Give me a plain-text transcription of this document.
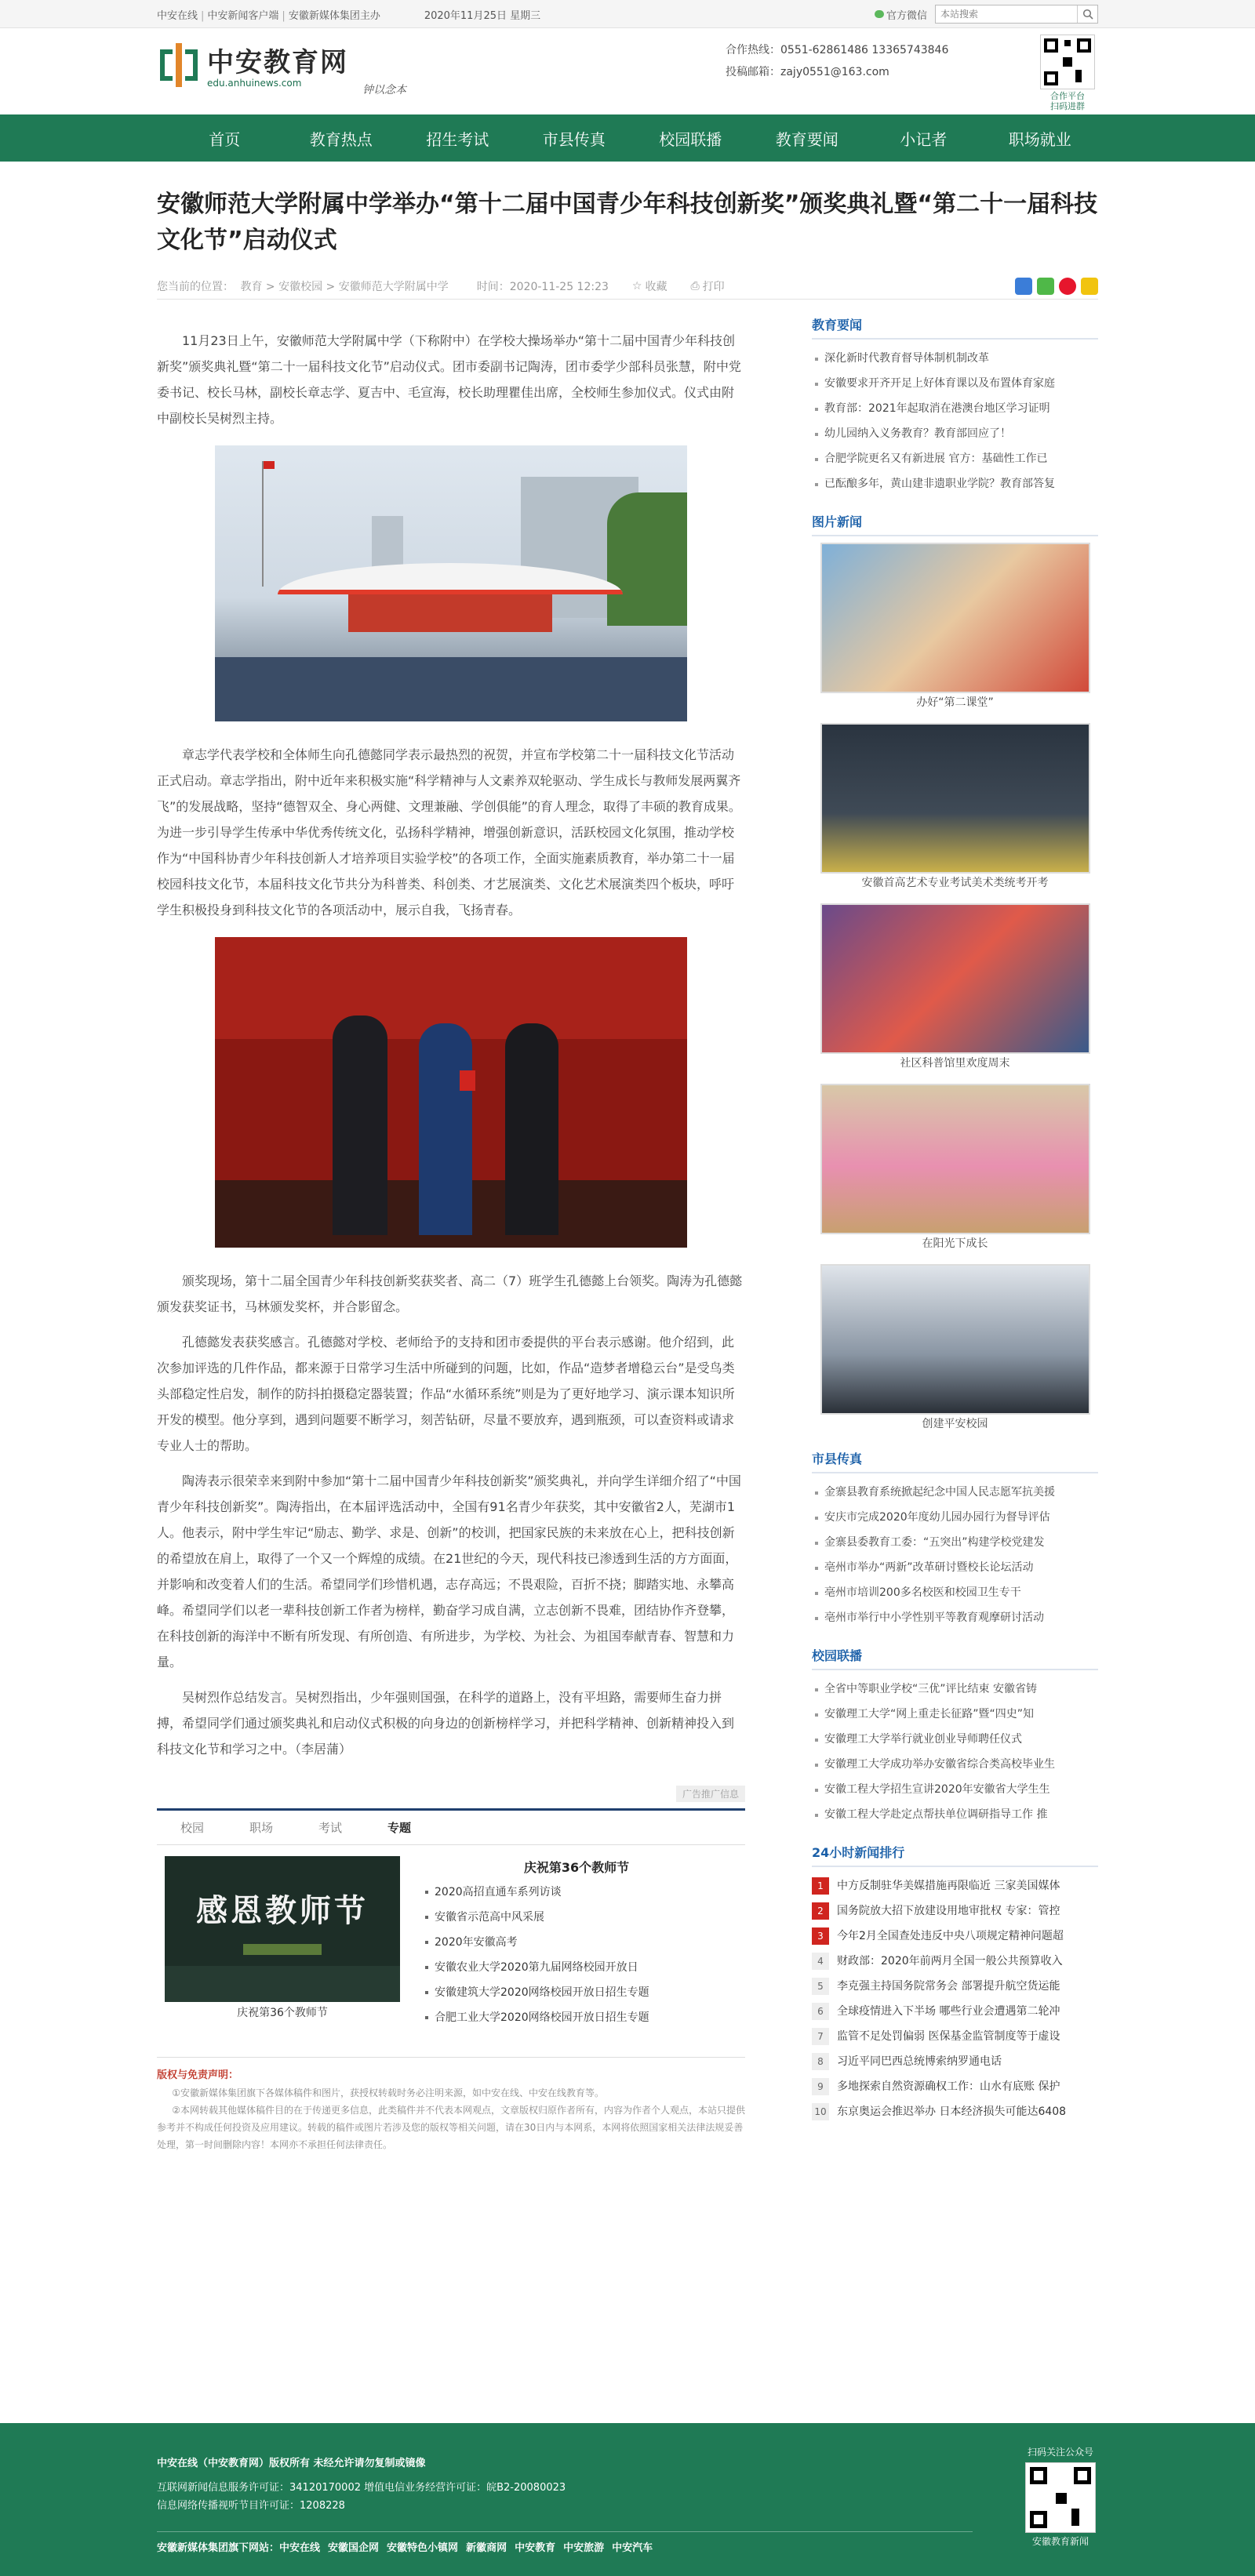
中安在线 | 中安新闻客户端 | 安徽新媒体集团主办	2020年11月25日 星期三	官方微信
本站搜索
中安教育网
edu.anhuinews.com
钟以念本
合作热线：0551-62861486 13365743846
投稿邮箱：zajy0551@163.com
合作平台
扫码进群
首页	教育热点	招生考试	市县传真	校园联播	教育要闻	小记者	职场就业
安徽师范大学附属中学举办“第十二届中国青少年科技创新奖”颁奖典礼暨“第二十一届科技文化节”启动仪式
您当前的位置： 教育 > 安徽校园 > 安徽师范大学附属中学	时间：2020-11-25 12:23 ☆ 收藏 ⎙ 打印

11月23日上午，安徽师范大学附属中学（下称附中）在学校大操场举办“第十二届中国青少年科技创新奖”颁奖典礼暨“第二十一届科技文化节”启动仪式。团市委副书记陶涛，团市委学少部科员张慧，附中党委书记、校长马林，副校长章志学、夏吉中、毛宣海，校长助理瞿佳出席，全校师生参加仪式。仪式由附中副校长吴树烈主持。

章志学代表学校和全体师生向孔德懿同学表示最热烈的祝贺，并宣布学校第二十一届科技文化节活动正式启动。章志学指出，附中近年来积极实施“科学精神与人文素养双轮驱动、学生成长与教师发展两翼齐飞”的发展战略，坚持“德智双全、身心两健、文理兼融、学创俱能”的育人理念，取得了丰硕的教育成果。为进一步引导学生传承中华优秀传统文化，弘扬科学精神，增强创新意识，活跃校园文化氛围，推动学校作为“中国科协青少年科技创新人才培养项目实验学校”的各项工作，全面实施素质教育，举办第二十一届校园科技文化节，本届科技文化节共分为科普类、科创类、才艺展演类、文化艺术展演类四个板块，呼吁学生积极投身到科技文化节的各项活动中，展示自我，飞扬青春。

颁奖现场，第十二届全国青少年科技创新奖获奖者、高二（7）班学生孔德懿上台领奖。陶涛为孔德懿颁发获奖证书，马林颁发奖杯，并合影留念。

孔德懿发表获奖感言。孔德懿对学校、老师给予的支持和团市委提供的平台表示感谢。他介绍到，此次参加评选的几件作品，都来源于日常学习生活中所碰到的问题，比如，作品“造梦者增稳云台”是受鸟类头部稳定性启发，制作的防抖拍摄稳定器装置；作品“水循环系统”则是为了更好地学习、演示课本知识所开发的模型。他分享到，遇到问题要不断学习，刻苦钻研，尽量不要放弃，遇到瓶颈，可以查资料或请求专业人士的帮助。

陶涛表示很荣幸来到附中参加“第十二届中国青少年科技创新奖”颁奖典礼，并向学生详细介绍了“中国青少年科技创新奖”。陶涛指出，在本届评选活动中，全国有91名青少年获奖，其中安徽省2人，芜湖市1人。他表示，附中学生牢记“励志、勤学、求是、创新”的校训，把国家民族的未来放在心上，把科技创新的希望放在肩上，取得了一个又一个辉煌的成绩。在21世纪的今天，现代科技已渗透到生活的方方面面，并影响和改变着人们的生活。希望同学们珍惜机遇，志存高远；不畏艰险，百折不挠；脚踏实地、永攀高峰。希望同学们以老一辈科技创新工作者为榜样，勤奋学习成自满，立志创新不畏难，团结协作齐登攀，在科技创新的海洋中不断有所发现、有所创造、有所进步，为学校、为社会、为祖国奉献青春、智慧和力量。

吴树烈作总结发言。吴树烈指出，少年强则国强，在科学的道路上，没有平坦路，需要师生奋力拼搏，希望同学们通过颁奖典礼和启动仪式积极的向身边的创新榜样学习，并把科学精神、创新精神投入到科技文化节和学习之中。（李居蒲）

广告推广信息
校园	职场	考试	专题
感恩教师节
庆祝第36个教师节
庆祝第36个教师节
2020高招直通车系列访谈
安徽省示范高中风采展
2020年安徽高考
安徽农业大学2020第九届网络校园开放日
安徽建筑大学2020网络校园开放日招生专题
合肥工业大学2020网络校园开放日招生专题
版权与免责声明：
①安徽新媒体集团旗下各媒体稿件和图片，获授权转载时务必注明来源，如中安在线、中安在线教育等。
②本网转载其他媒体稿件目的在于传递更多信息，此类稿件并不代表本网观点，文章版权归原作者所有，内容为作者个人观点，本站只提供参考并不构成任何投资及应用建议。转载的稿件或图片若涉及您的版权等相关问题，请在30日内与本网系，本网将依照国家相关法律法规妥善处理，第一时间删除内容！本网亦不承担任何法律责任。
教育要闻
深化新时代教育督导体制机制改革
安徽要求开齐开足上好体育课以及布置体育家庭
教育部：2021年起取消在港澳台地区学习证明
幼儿园纳入义务教育？教育部回应了！
合肥学院更名又有新进展 官方：基础性工作已
已酝酿多年，黄山建非遗职业学院？教育部答复
图片新闻
办好“第二课堂”
安徽首高艺术专业考试美术类统考开考
社区科普馆里欢度周末
在阳光下成长
创建平安校园
市县传真
金寨县教育系统掀起纪念中国人民志愿军抗美援
安庆市完成2020年度幼儿园办园行为督导评估
金寨县委教育工委：“五突出”构建学校党建发
亳州市举办“两新”改革研讨暨校长论坛活动
亳州市培训200多名校医和校园卫生专干
亳州市举行中小学性别平等教育观摩研讨活动
校园联播
全省中等职业学校“三优”评比结束 安徽省铸
安徽理工大学“网上重走长征路”暨“四史”知
安徽理工大学举行就业创业导师聘任仪式
安徽理工大学成功举办安徽省综合类高校毕业生
安徽工程大学招生宣讲2020年安徽省大学生生
安徽工程大学赴定点帮扶单位调研指导工作 推
24小时新闻排行
1	中方反制驻华美媒措施再限临近 三家美国媒体
2	国务院放大招下放建设用地审批权 专家：管控
3	今年2月全国查处违反中央八项规定精神问题超
4	财政部：2020年前两月全国一般公共预算收入
5	李克强主持国务院常务会 部署提升航空货运能
6	全球疫情进入下半场 哪些行业会遭遇第二轮冲
7	监管不足处罚偏弱 医保基金监管制度等于虚设
8	习近平同巴西总统博索纳罗通电话
9	多地探索自然资源确权工作：山水有底账 保护
10 东京奥运会推迟举办 日本经济损失可能达6408
中安在线（中安教育网）版权所有 未经允许请勿复制或镜像
互联网新闻信息服务许可证：34120170002 增值电信业务经营许可证：皖B2-20080023
信息网络传播视听节目许可证：1208228
安徽新媒体集团旗下网站：中安在线 安徽国企网 安徽特色小镇网 新徽商网 中安教育 中安旅游 中安汽车
扫码关注公众号
安徽教育新闻
